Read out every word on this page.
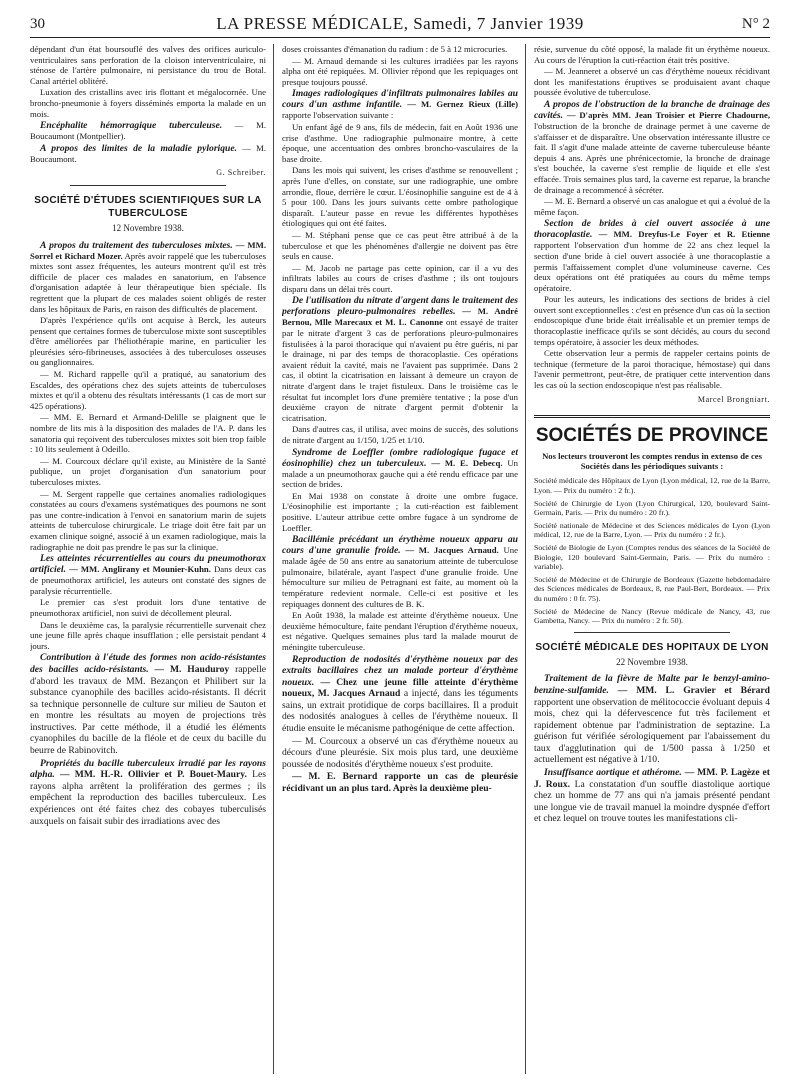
30	LA PRESSE MÉDICALE, Samedi, 7 Janvier 1939	N° 2

dépendant d'un état boursouflé des valves des orifices auriculo-ventriculaires sans perforation de la cloison interventriculaire, ni sténose de l'artère pulmonaire, ni persistance du trou de Botal. Canal artériel oblitéré.

Luxation des cristallins avec iris flottant et mégalocornée. Une broncho-pneumonie à foyers disséminés emporta la malade en un mois.

Encéphalite hémorragique tuberculeuse. — M. Boucaumont (Montpellier).

A propos des limites de la maladie pylorique. — M. Boucaumont.

G. Schreiber.
SOCIÉTÉ D'ÉTUDES SCIENTIFIQUES SUR LA TUBERCULOSE
12 Novembre 1938.

A propos du traitement des tuberculoses mixtes. — MM. Sorrel et Richard Mozer. Après avoir rappelé que les tuberculoses mixtes sont assez fréquentes, les auteurs montrent qu'il est très difficile de placer ces malades en sanatorium, en l'absence d'organisation adaptée à leur thérapeutique bien spéciale. Ils regrettent que la plupart de ces malades soient obligés de rester dans les hôpitaux de Paris, en raison des difficultés de placement.

D'après l'expérience qu'ils ont acquise à Berck, les auteurs pensent que certaines formes de tuberculose mixte sont susceptibles d'être améliorées par l'héliothérapie marine, en particulier les pleurésies séro-fibrineuses, associées à des tuberculoses osseuses ou ganglionnaires.

— M. Richard rappelle qu'il a pratiqué, au sanatorium des Escaldes, des opérations chez des sujets atteints de tuberculoses mixtes et qu'il a obtenu des résultats intéressants (1 cas de mort sur 425 opérations).

— MM. E. Bernard et Armand-Delille se plaignent que le nombre de lits mis à la disposition des malades de l'A. P. dans les sanatoria qui reçoivent des tuberculoses mixtes soit bien trop faible : 10 lits seulement à Odeillo.

— M. Courcoux déclare qu'il existe, au Ministère de la Santé publique, un projet d'organisation d'un sanatorium pour tuberculoses mixtes.

— M. Sergent rappelle que certaines anomalies radiologiques constatées au cours d'examens systématiques des poumons ne sont pas une contre-indication à l'envoi en sanatorium marin de sujets atteints de tuberculose chirurgicale. Le triage doit être fait par un examen clinique soigné, associé à un examen radiologique, mais la radiographie ne doit pas prendre le pas sur la clinique.

Les atteintes récurrentielles au cours du pneumothorax artificiel. — MM. Anglirany et Mounier-Kuhn. Dans deux cas de pneumothorax artificiel, les auteurs ont constaté des signes de paralysie récurrentielle.

Le premier cas s'est produit lors d'une tentative de pneumothorax artificiel, non suivi de décollement pleural.

Dans le deuxième cas, la paralysie récurrentielle survenait chez une jeune fille après chaque insufflation ; elle persistait pendant 4 jours.

Contribution à l'étude des formes non acido-résistantes des bacilles acido-résistants. — M. Hauduroy rappelle d'abord les travaux de MM. Bezançon et Philibert sur la substance cyanophile des bacilles acido-résistants. Il décrit sa technique personnelle de culture sur milieu de Sauton et en montre les résultats au moyen de projections très instructives. Par cette méthode, il a étudié les éléments cyanophiles du bacille de la fléole et de ceux du bacille du beurre de Rabinovitch.

Propriétés du bacille tuberculeux irradié par les rayons alpha. — MM. H.-R. Ollivier et P. Bouet-Maury. Les rayons alpha arrêtent la prolifération des germes ; ils empêchent la reproduction des bacilles tuberculeux. Les expériences ont été faites chez des cobayes tuberculisés auxquels on faisait subir des irradiations avec des

doses croissantes d'émanation du radium : de 5 à 12 microcuries.

— M. Arnaud demande si les cultures irradiées par les rayons alpha ont été repiquées. M. Ollivier répond que les repiquages ont presque toujours poussé.

Images radiologiques d'infiltrats pulmonaires labiles au cours d'un asthme infantile. — M. Gernez Rieux (Lille) rapporte l'observation suivante :

Un enfant âgé de 9 ans, fils de médecin, fait en Août 1936 une crise d'asthme. Une radiographie pulmonaire montre, à cette époque, une accentuation des ombres broncho-vasculaires de la base droite.

Dans les mois qui suivent, les crises d'asthme se renouvellent ; après l'une d'elles, on constate, sur une radiographie, une ombre arrondie, floue, derrière le cœur. L'éosinophilie sanguine est de 4 à 5 pour 100. Dans les jours suivants cette ombre pathologique disparaît. L'auteur passe en revue les différentes hypothèses étiologiques qui ont été faites.

— M. Stéphani pense que ce cas peut être attribué à de la tuberculose et que les phénomènes d'allergie ne doivent pas être seuls en cause.

— M. Jacob ne partage pas cette opinion, car il a vu des infiltrats labiles au cours de crises d'asthme ; ils ont toujours disparu dans un délai très court.

De l'utilisation du nitrate d'argent dans le traitement des perforations pleuro-pulmonaires rebelles. — M. André Bernou, Mlle Marecaux et M. L. Canonne ont essayé de traiter par le nitrate d'argent 3 cas de perforations pleuro-pulmonaires fistulisées à la paroi thoracique qui n'avaient pu être guéris, ni par le drainage, ni par des temps de thoracoplastie. Ces opérations avaient réduit la cavité, mais ne l'avaient pas supprimée. Dans 2 cas, il obtint la cicatrisation en laissant à demeure un crayon de nitrate d'argent dans le trajet fistuleux. Dans le troisième cas le résultat fut incomplet lors d'une première tentative ; la pose d'un deuxième crayon de nitrate d'argent permit d'obtenir la cicatrisation.

Dans d'autres cas, il utilisa, avec moins de succès, des solutions de nitrate d'argent au 1/150, 1/25 et 1/10.

Syndrome de Loeffler (ombre radiologique fugace et éosinophilie) chez un tuberculeux. — M. E. Debecq. Un malade a un pneumothorax gauche qui a été rendu efficace par une section de brides.

En Mai 1938 on constate à droite une ombre fugace. L'éosinophilie est importante ; la cuti-réaction est faiblement positive. L'auteur attribue cette ombre fugace à un syndrome de Loeffler.

Bacillémie précédant un érythème noueux apparu au cours d'une granulie froide. — M. Jacques Arnaud. Une malade âgée de 50 ans entre au sanatorium atteinte de tuberculose pulmonaire, bilatérale, ayant l'aspect d'une granulie froide. Une hémoculture sur milieu de Petragnani est faite, au moment où la température redevient normale. Celle-ci est positive et les repiquages donnent des cultures de B. K.

En Août 1938, la malade est atteinte d'érythème noueux. Une deuxième hémoculture, faite pendant l'éruption d'érythème noueux, est négative. Quelques semaines plus tard la malade mourut de méningite tuberculeuse.

Reproduction de nodosités d'érythème noueux par des extraits bacillaires chez un malade porteur d'érythème noueux. — Chez une jeune fille atteinte d'érythème noueux, M. Jacques Arnaud a injecté, dans les téguments sains, un extrait protidique de corps bacillaires. Il a produit des nodosités analogues à celles de l'érythème noueux. Il étudie ensuite le mécanisme pathogénique de cette affection.

— M. Courcoux a observé un cas d'érythème noueux au décours d'une pleurésie. Six mois plus tard, une deuxième poussée de nodosités d'érythème noueux s'est produite.

— M. E. Bernard rapporte un cas de pleurésie récidivant un an plus tard. Après la deuxième pleu-

résie, survenue du côté opposé, la malade fit un érythème noueux. Au cours de l'éruption la cuti-réaction était très positive.

— M. Jeanneret a observé un cas d'érythème noueux récidivant dont les manifestations éruptives se produisaient avant chaque poussée évolutive de tuberculose.

A propos de l'obstruction de la branche de drainage des cavités. — D'après MM. Jean Troisier et Pierre Chadourne, l'obstruction de la bronche de drainage permet à une caverne de s'affaisser et de disparaître. Une observation intéressante illustre ce fait. Il s'agit d'une malade atteinte de caverne tuberculeuse béante depuis 4 ans. Après une phrénicectomie, la bronche de drainage s'est bouchée, la caverne s'est remplie de liquide et elle s'est effacée. Trois semaines plus tard, la caverne est reparue, la branche de drainage a recommencé à sécréter.

— M. E. Bernard a observé un cas analogue et qui a évolué de la même façon.

Section de brides à ciel ouvert associée à une thoracoplastie. — MM. Dreyfus-Le Foyer et R. Etienne rapportent l'observation d'un homme de 22 ans chez lequel la section d'une bride à ciel ouvert associée à une thoracoplastie a permis l'affaissement complet d'une volumineuse caverne. Ces deux opérations ont été pratiquées au cours du même temps opératoire.

Pour les auteurs, les indications des sections de brides à ciel ouvert sont exceptionnelles : c'est en présence d'un cas où la section endoscopique d'une bride était irréalisable et un premier temps de thoracoplastie inefficace qu'ils se sont décidés, au cours du second temps opératoire, à associer les deux méthodes.

Cette observation leur a permis de rappeler certains points de technique (fermeture de la paroi thoracique, hémostase) qui dans l'avenir permettront, peut-être, de pratiquer cette intervention dans les cas où la section endoscopique n'est pas réalisable.

Marcel Brongniart.
SOCIÉTÉS DE PROVINCE
Nos lecteurs trouveront les comptes rendus in extenso de ces Sociétés dans les périodiques suivants :

Société médicale des Hôpitaux de Lyon (Lyon médical, 12, rue de la Barre, Lyon. — Prix du numéro : 2 fr.).

Société de Chirurgie de Lyon (Lyon Chirurgical, 120, boulevard Saint-Germain, Paris. — Prix du numéro : 20 fr.).

Société nationale de Médecine et des Sciences médicales de Lyon (Lyon médical, 12, rue de la Barre, Lyon. — Prix du numéro : 2 fr.).

Société de Biologie de Lyon (Comptes rendus des séances de la Société de Biologie, 120 boulevard Saint-Germain, Paris. — Prix du numéro : variable).

Société de Médecine et de Chirurgie de Bordeaux (Gazette hebdomadaire des Sciences médicales de Bordeaux, 8, rue Paul-Bert, Bordeaux. — Prix du numéro : 0 fr. 75).

Société de Médecine de Nancy (Revue médicale de Nancy, 43, rue Gambetta, Nancy. — Prix du numéro : 2 fr. 50).

SOCIÉTÉ MÉDICALE DES HOPITAUX DE LYON
22 Novembre 1938.

Traitement de la fièvre de Malte par le benzyl-amino-benzine-sulfamide. — MM. L. Gravier et Bérard rapportent une observation de mélitococcie évoluant depuis 4 mois, chez qui la défervescence fut très facilement et rapidement obtenue par l'administration de septazine. La guérison fut vérifiée sérologiquement par l'abaissement du taux d'agglutination qui de 1/500 passa à 1/250 et actuellement est négative à 1/10.

Insuffisance aortique et athérome. — MM. P. Lagèze et J. Roux. La constatation d'un souffle diastolique aortique chez un homme de 77 ans qui n'a jamais présenté pendant une longue vie de travail manuel la moindre dyspnée d'effort et chez lequel on trouve toutes les manifestations cli-
